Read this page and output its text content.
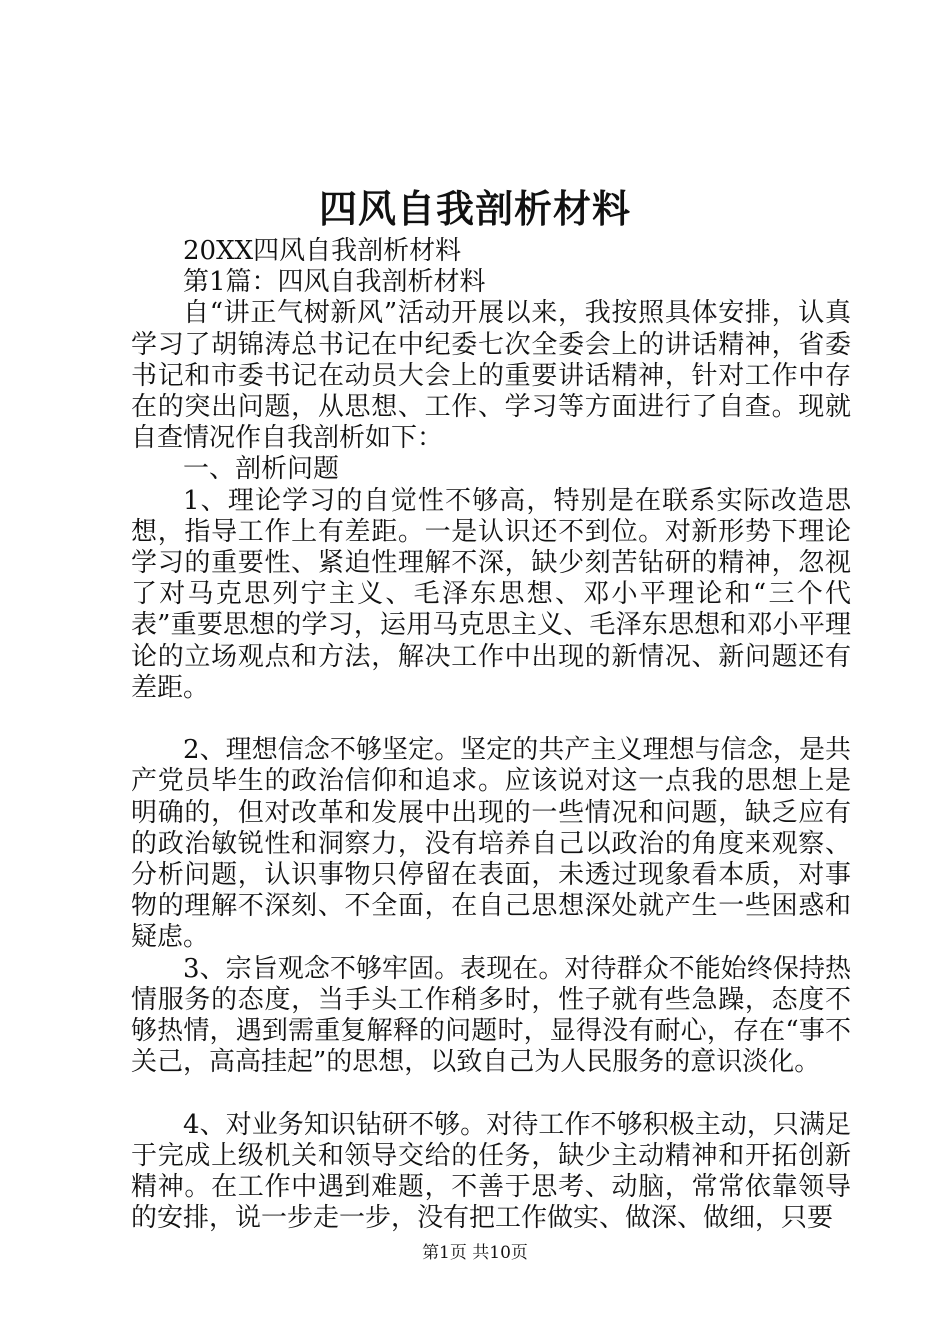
四风自我剖析材料

20XX四风自我剖析材料

第1篇：四风自我剖析材料

自“讲正气树新风”活动开展以来，我按照具体安排，认真学习了胡锦涛总书记在中纪委七次全委会上的讲话精神，省委书记和市委书记在动员大会上的重要讲话精神，针对工作中存在的突出问题，从思想、工作、学习等方面进行了自查。现就自查情况作自我剖析如下：

一、剖析问题

1、理论学习的自觉性不够高，特别是在联系实际改造思想，指导工作上有差距。一是认识还不到位。对新形势下理论学习的重要性、紧迫性理解不深，缺少刻苦钻研的精神，忽视了对马克思列宁主义、毛泽东思想、邓小平理论和“三个代表”重要思想的学习，运用马克思主义、毛泽东思想和邓小平理论的立场观点和方法，解决工作中出现的新情况、新问题还有差距。

2、理想信念不够坚定。坚定的共产主义理想与信念，是共产党员毕生的政治信仰和追求。应该说对这一点我的思想上是明确的，但对改革和发展中出现的一些情况和问题，缺乏应有的政治敏锐性和洞察力，没有培养自己以政治的角度来观察、分析问题，认识事物只停留在表面，未透过现象看本质，对事物的理解不深刻、不全面，在自己思想深处就产生一些困惑和疑虑。

3、宗旨观念不够牢固。表现在。对待群众不能始终保持热情服务的态度，当手头工作稍多时，性子就有些急躁，态度不够热情，遇到需重复解释的问题时，显得没有耐心，存在“事不关己，高高挂起”的思想，以致自己为人民服务的意识淡化。

4、对业务知识钻研不够。对待工作不够积极主动，只满足于完成上级机关和领导交给的任务，缺少主动精神和开拓创新精神。在工作中遇到难题，不善于思考、动脑，常常依靠领导的安排，说一步走一步，没有把工作做实、做深、做细，只要

第1页 共10页
